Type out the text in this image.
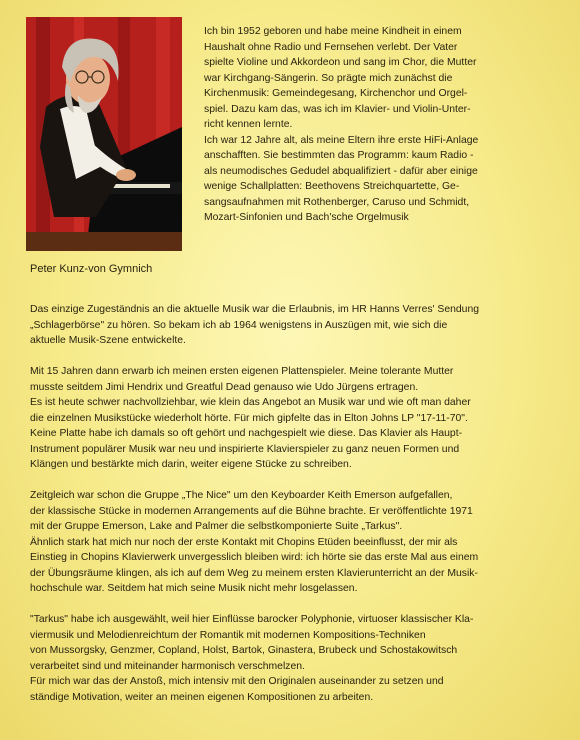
Peter Kunz-von Gymnich
Ich bin 1952 geboren und habe meine Kindheit in einem
Haushalt ohne Radio und Fernsehen verlebt. Der Vater
spielte Violine und Akkordeon und sang im Chor, die Mutter
war Kirchgang-Sängerin. So prägte mich zunächst die
Kirchenmusik: Gemeindegesang, Kirchenchor und Orgel-
spiel. Dazu kam das, was ich im Klavier- und Violin-Unter-
richt kennen lernte.
Ich war 12 Jahre alt, als meine Eltern ihre erste HiFi-Anlage
anschafften. Sie bestimmten das Programm: kaum Radio -
als neumodisches Gedudel abqualifiziert - dafür aber einige
wenige Schallplatten: Beethovens Streichquartette, Ge-
sangsaufnahmen mit Rothenberger, Caruso und Schmidt,
Mozart-Sinfonien und Bach'sche Orgelmusik
Das einzige Zugeständnis an die aktuelle Musik war die Erlaubnis, im HR Hanns Verres' Sendung
„Schlagerbörse" zu hören. So bekam ich ab 1964 wenigstens in Auszügen mit, wie sich die
aktuelle Musik-Szene entwickelte.
Mit 15 Jahren dann erwarb ich meinen ersten eigenen Plattenspieler. Meine tolerante Mutter
musste seitdem Jimi Hendrix und Greatful Dead genauso wie Udo Jürgens ertragen.
Es ist heute schwer nachvollziehbar, wie klein das Angebot an Musik war und wie oft man daher
die einzelnen Musikstücke wiederholt hörte. Für mich gipfelte das in Elton Johns LP "17-11-70".
Keine Platte habe ich damals so oft gehört und nachgespielt wie diese. Das Klavier als Haupt-
Instrument populärer Musik war neu und inspirierte Klavierspieler zu ganz neuen Formen und
Klängen und bestärkte mich darin, weiter eigene Stücke zu schreiben.
Zeitgleich war schon die Gruppe „The Nice" um den Keyboarder Keith Emerson aufgefallen,
der klassische Stücke in modernen Arrangements auf die Bühne brachte. Er veröffentlichte 1971
mit der Gruppe Emerson, Lake and Palmer die selbstkomponierte Suite „Tarkus".
Ähnlich stark hat mich nur noch der erste Kontakt mit Chopins Etüden beeinflusst, der mir als
Einstieg in Chopins Klavierwerk unvergesslich bleiben wird: ich hörte sie das erste Mal aus einem
der Übungsräume klingen, als ich auf dem Weg zu meinem ersten Klavierunterricht an der Musik-
hochschule war. Seitdem hat mich seine Musik nicht mehr losgelassen.
"Tarkus" habe ich ausgewählt, weil hier Einflüsse barocker Polyphonie, virtuoser klassischer Kla-
viermusik und Melodienreichtum der Romantik mit modernen Kompositions-Techniken
von Mussorgsky, Genzmer, Copland, Holst, Bartok, Ginastera, Brubeck und Schostakowitsch
verarbeitet sind und miteinander harmonisch verschmelzen.
Für mich war das der Anstoß, mich intensiv mit den Originalen auseinander zu setzen und
ständige Motivation, weiter an meinen eigenen Kompositionen zu arbeiten.
